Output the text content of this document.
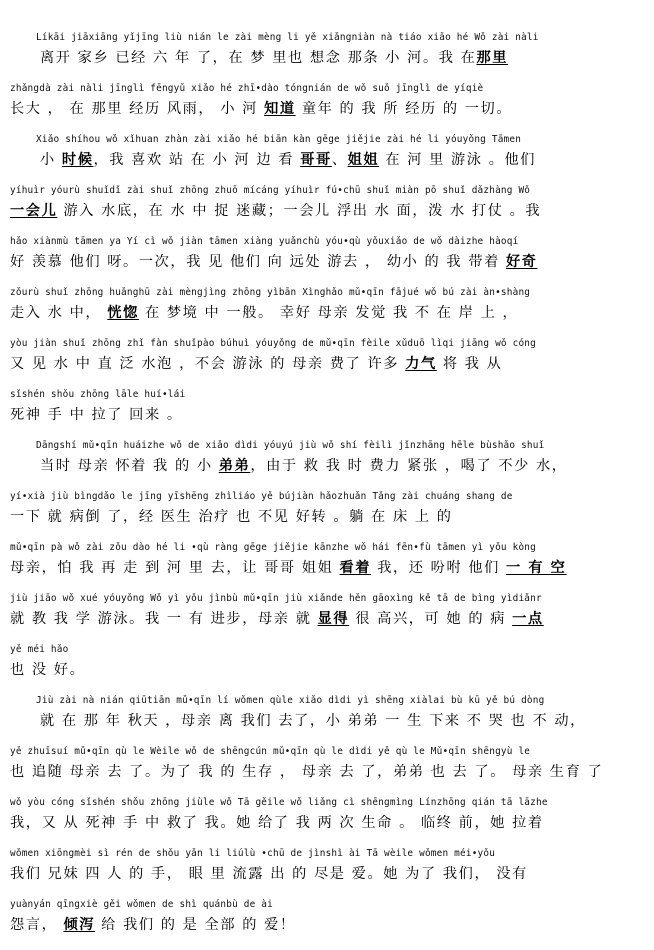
Líkāi jiāxiāng yǐjīng liù nián le zài mèng li yě xiǎngniàn nà tiáo xiǎo hé Wǒ zài nàli
离开 家乡 已经 六 年 了，在 梦 里也 想念 那条 小 河。我 在那里
zhǎngdà zài nàli jīnglì fēngyǔ xiǎo hé zhī•dào tóngnián de wǒ suǒ jīnglì de yíqiè
长大 ， 在 那里 经历 风雨， 小 河 知道 童年 的 我 所 经历 的 一切。
Xiǎo shíhou wǒ xǐhuan zhàn zài xiǎo hé biān kàn gēge jiějie zài hé li yóuyǒng Tāmen
小 时候，我 喜欢 站 在 小 河 边 看 哥哥、姐姐 在 河 里 游泳 。他们
yíhuìr yóurù shuǐdǐ zài shuǐ zhōng zhuō mícáng yíhuìr fú•chū shuǐ miàn pō shuǐ dǎzhàng Wǒ
一会儿 游入 水底，在 水 中 捉 迷藏；一会儿 浮出 水 面，泼 水 打仗 。我
hǎo xiànmù tāmen ya Yí cì wǒ jiàn tāmen xiàng yuǎnchù yóu•qù yǒuxiǎo de wǒ dàizhe hàoqí
好 羡慕 他们 呀。一次，我 见 他们 向 远处 游去 ， 幼小 的 我 带着 好奇
zǒurù shuǐ zhōng huǎnghū zài mèngjìng zhōng yìbān Xìnghǎo mǔ•qīn fājué wǒ bú zài àn•shàng
走入 水 中， 恍惚 在 梦境 中 一般。 幸好 母亲 发觉 我 不 在 岸 上 ，
yòu jiàn shuǐ zhōng zhǐ fàn shuǐpào búhuì yóuyǒng de mǔ•qīn fèile xǔduō lìqi jiāng wǒ cóng
又 见 水 中 直 泛 水泡 ，不会 游泳 的 母亲 费了 许多 力气 将 我 从
sǐshén shǒu zhōng lāle huí•lái
死神 手 中 拉了 回来 。
Dāngshí mǔ•qīn huáizhe wǒ de xiǎo dìdi yóuyú jiù wǒ shí fèilì jǐnzhāng hēle bùshǎo shuǐ
当时 母亲 怀着 我 的 小 弟弟，由于 救 我 时 费力 紧张 ，喝了 不少 水，
yí•xià jiù bìngdǎo le jīng yīshēng zhìliáo yě bújiàn hǎozhuǎn Tǎng zài chuáng shang de
一下 就 病倒 了，经 医生 治疗 也 不见 好转 。躺 在 床 上 的
mǔ•qīn pà wǒ zài zǒu dào hé li •qù ràng gēge jiějie kānzhe wǒ hái fēn•fù tāmen yì yǒu kòng
母亲，怕 我 再 走 到 河 里 去，让 哥哥 姐姐 看着 我，还 吩咐 他们 一 有 空
jiù jiāo wǒ xué yóuyǒng Wǒ yì yǒu jìnbù mǔ•qīn jiù xiǎnde hěn gāoxìng kě tā de bìng yìdiǎnr
就 教 我 学 游泳。我 一 有 进步，母亲 就 显得 很 高兴，可 她 的 病 一点
yě méi hǎo
也 没 好。
Jiù zài nà nián qiūtiān mǔ•qīn lí wǒmen qùle xiǎo dìdi yì shēng xiàlai bù kū yě bú dòng
就 在 那 年 秋天 ，母亲 离 我们 去了，小 弟弟 一 生 下来 不 哭 也 不 动，
yě zhuīsuí mǔ•qīn qù le Wèile wǒ de shēngcún mǔ•qīn qù le dìdi yě qù le Mǔ•qīn shēngyù le
也 追随 母亲 去 了。为了 我 的 生存 ， 母亲 去 了，弟弟 也 去 了。 母亲 生育 了
wǒ yòu cóng sǐshén shǒu zhōng jiùle wǒ Tā gěile wǒ liǎng cì shēngmìng Línzhōng qián tā lāzhe
我，又 从 死神 手 中 救了 我。她 给了 我 两 次 生命 。 临终 前，她 拉着
wǒmen xiōngmèi sì rén de shǒu yǎn li liúlù •chū de jìnshì ài Tā wèile wǒmen méi•yǒu
我们 兄妹 四 人 的 手， 眼 里 流露 出 的 尽是 爱。她 为了 我们， 没有
yuànyán qīngxiè gěi wǒmen de shì quánbù de ài
怨言， 倾泻 给 我们 的 是 全部 的 爱！
